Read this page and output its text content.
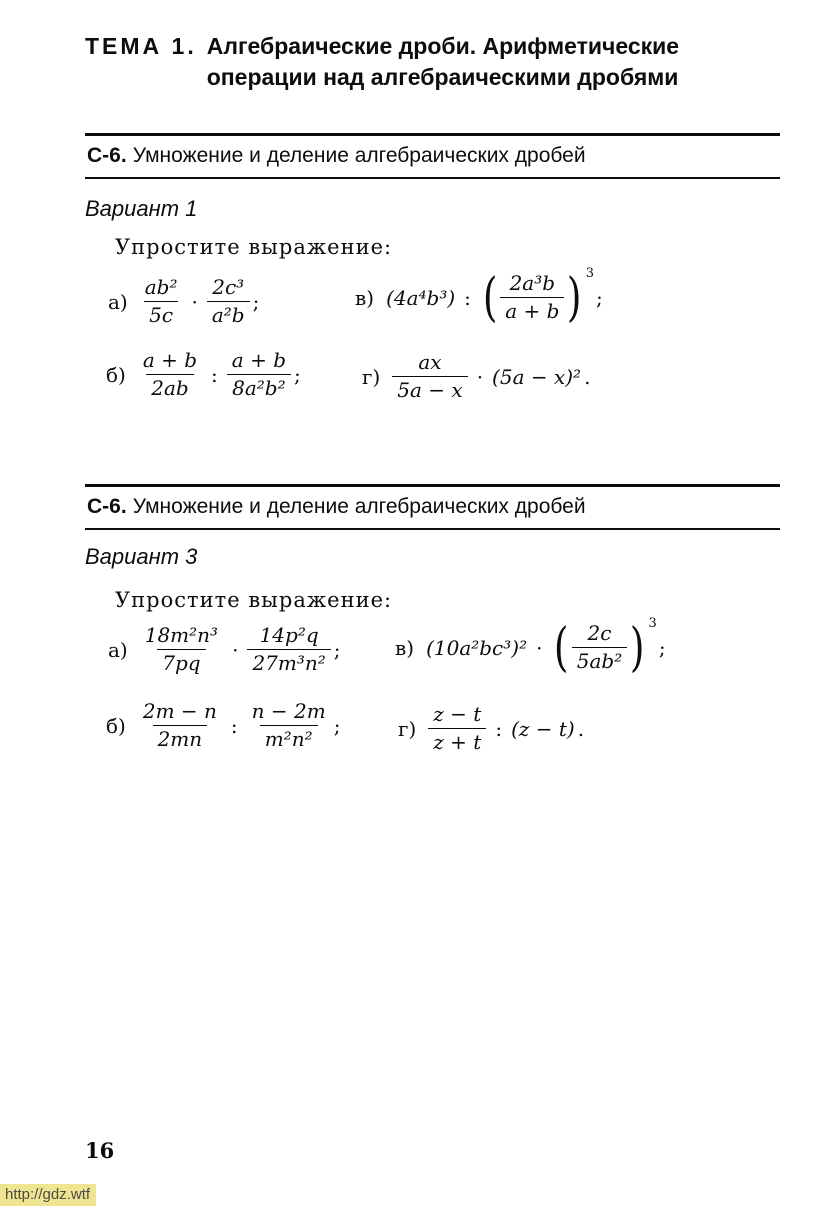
ТЕМА 1. Алгебраические дроби. Арифметические
операции над алгебраическими дробями
С-6. Умножение и деление алгебраических дробей
Вариант 1
Упростите выражение:
$а) \frac{\text{ab²}}{5c} \cdot \frac{\text{2c³}}{\text{a²b}}$ ;	в) (4a⁴b³) : ( $\frac{\text{2a³b}}{a + b}$ ) 3
;
$б) \frac{a + b}{2ab}$ : $\frac{a + b}{\text{8a²b²}}$ ;	$г) \frac{ax}{5a - x} \cdot (5a - x)^2$ .
С-6. Умножение и деление алгебраических дробей
Вариант 3
Упростите выражение:
$а) \frac{\text{18m²n³}}{7pq} \cdot \frac{\text{14p²q}}{\text{27m³n²}}$ ;	в) (10a²bc³)² · ( $\frac{2c}{\text{5ab²}}$ ) 3
;
$б) \frac{2m - n}{2mn}$ : $\frac{n - 2m}{\text{m²n²}}$ ;	$г) \frac{z - t}{z + t}$ : (z − t) .
16
http://gdz.wtf
